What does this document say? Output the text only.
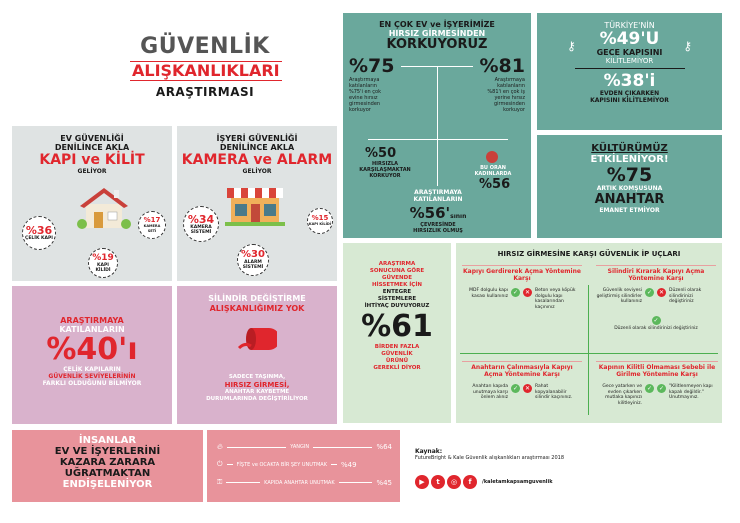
GÜVENLİK
ALIŞKANLIKLARI
ARAŞTIRMASI
EV GÜVENLİĞİ
DENİLİNCE AKLA
KAPI ve KİLİT
GELİYOR
%36
ÇELİK KAPI
%19
KAPI KİLİDİ
%17
KAMERA SETİ
İŞYERİ GÜVENLİĞİ
DENİLİNCE AKLA
KAMERA ve ALARM
GELİYOR
%34
KAMERA SİSTEMİ
%30
ALARM SİSTEMİ
%15
KAPI KİLİDİ
EN ÇOK EV ve İŞYERİMİZE
HIRSIZ GİRMESİNDEN
KORKUYORUZ
%75
Araştırmaya katılanların %75'i en çok evine hırsız girmesinden korkuyor
%81
Araştırmaya katılanların %81'i en çok iş yerine hırsız girmesinden korkuyor
%50
HIRSIZLA KARŞILAŞMAKTAN KORKUYOR
BU ORAN KADINLARDA
%56
ARAŞTIRMAYA
KATILANLARIN
%56'sının
ÇEVRESİNDE
HIRSIZLIK OLMUŞ
TÜRKİYE'NİN
%49'U
GECE KAPISINI
KİLİTLEMİYOR
%38'i
EVDEN ÇIKARKEN
KAPISINI KİLİTLEMİYOR
⚷	⚷
KÜLTÜRÜMÜZ
ETKİLENİYOR!
%75
ARTIK KOMŞUSUNA
ANAHTAR
EMANET ETMİYOR
ARAŞTIRMAYA
KATILANLARIN
%40'ı
ÇELİK KAPILARIN
GÜVENLİK SEVİYELERİNİN
FARKLI OLDUĞUNU BİLMİYOR
SİLİNDİR DEĞİŞTİRME
ALIŞKANLIĞIMIZ YOK
SADECE TAŞINMA,
HIRSIZ GİRMESİ,
ANAHTAR KAYBETME
DURUMLARINDA DEĞİŞTİRİLİYOR
ARAŞTIRMA
SONUCUNA GÖRE
GÜVENDE
HİSSETMEK İÇİN
ENTEGRE
SİSTEMLERE
İHTİYAÇ DUYUYORUZ
%61
BİRDEN FAZLA
GÜVENLİK
ÜRÜNÜ
GEREKLİ DİYOR
HIRSIZ GİRMESİNE KARŞI GÜVENLİK İP UÇLARI
Kapıyı Gerdirerek Açma Yöntemine Karşı
MDF dolgulu kapı kasası kullanınız ✓	✕	Beton veya köpük dolgulu kapı kasalarından kaçınınız
Silindiri Kırarak Kapıyı Açma Yöntemine Karşı
Güvenlik seviyesi geliştirmiş silindirler kullanınız
✓	✕	Düzenli olarak silindirinizi değiştiriniz
✓
Düzenli olarak silindirinizi değiştiriniz
Anahtarın Çalınmasıyla Kapıyı Açma Yöntemine Karşı
Anahtarı kapıda unutmaya karşı önlem alınız
✓	✕	Rahat kopyalanabilir silindir kaçınınız.
Kapının Kilitli Olmaması Sebebi ile Girilme Yöntemine Karşı
Gece yatarken ve evden çıkarken mutlaka kapınızı kilitleyiniz.
✓	✓	"Kilitlenmeyen kapı kapalı değildir." Unutmayınız.
İNSANLAR
EV VE İŞYERLERİNİ
KAZARA ZARARA
UĞRATMAKTAN
ENDİŞELENİYOR
🔥︎	YANGIN	%64
⏻	FİŞTE ve OCAKTA BİR ŞEY UNUTMAK %49
⚿	KAPIDA ANAHTAR UNUTMAK	%45
Kaynak:
FutureBright & Kale Güvenlik alışkanlıkları araştırması 2018
▶	t	◎	f	/kaletamkapsamguvenlik
